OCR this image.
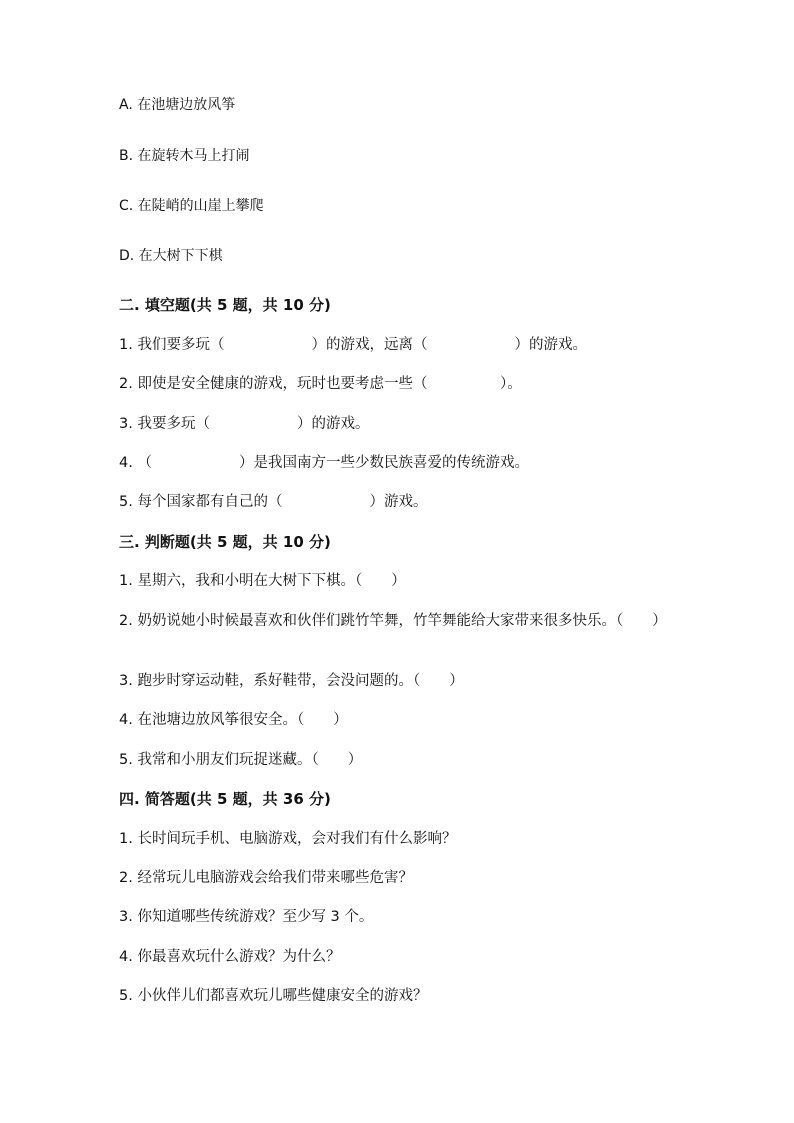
A. 在池塘边放风筝

B. 在旋转木马上打闹

C. 在陡峭的山崖上攀爬

D. 在大树下下棋

二. 填空题(共 5 题，共 10 分)

1. 我们要多玩（　　　　　　）的游戏，远离（　　　　　　）的游戏。

2. 即使是安全健康的游戏，玩时也要考虑一些（　　　　　）。

3. 我要多玩（　　　　　　）的游戏。

4. （　　　　　　）是我国南方一些少数民族喜爱的传统游戏。

5. 每个国家都有自己的（　　　　　　）游戏。

三. 判断题(共 5 题，共 10 分)

1. 星期六，我和小明在大树下下棋。（　　）

2. 奶奶说她小时候最喜欢和伙伴们跳竹竿舞，竹竿舞能给大家带来很多快乐。（　　）

3. 跑步时穿运动鞋，系好鞋带，会没问题的。（　　）

4. 在池塘边放风筝很安全。（　　）

5. 我常和小朋友们玩捉迷藏。（　　）

四. 简答题(共 5 题，共 36 分)

1. 长时间玩手机、电脑游戏，会对我们有什么影响？

2. 经常玩儿电脑游戏会给我们带来哪些危害？

3. 你知道哪些传统游戏？至少写 3 个。

4. 你最喜欢玩什么游戏？为什么？

5. 小伙伴儿们都喜欢玩儿哪些健康安全的游戏？
